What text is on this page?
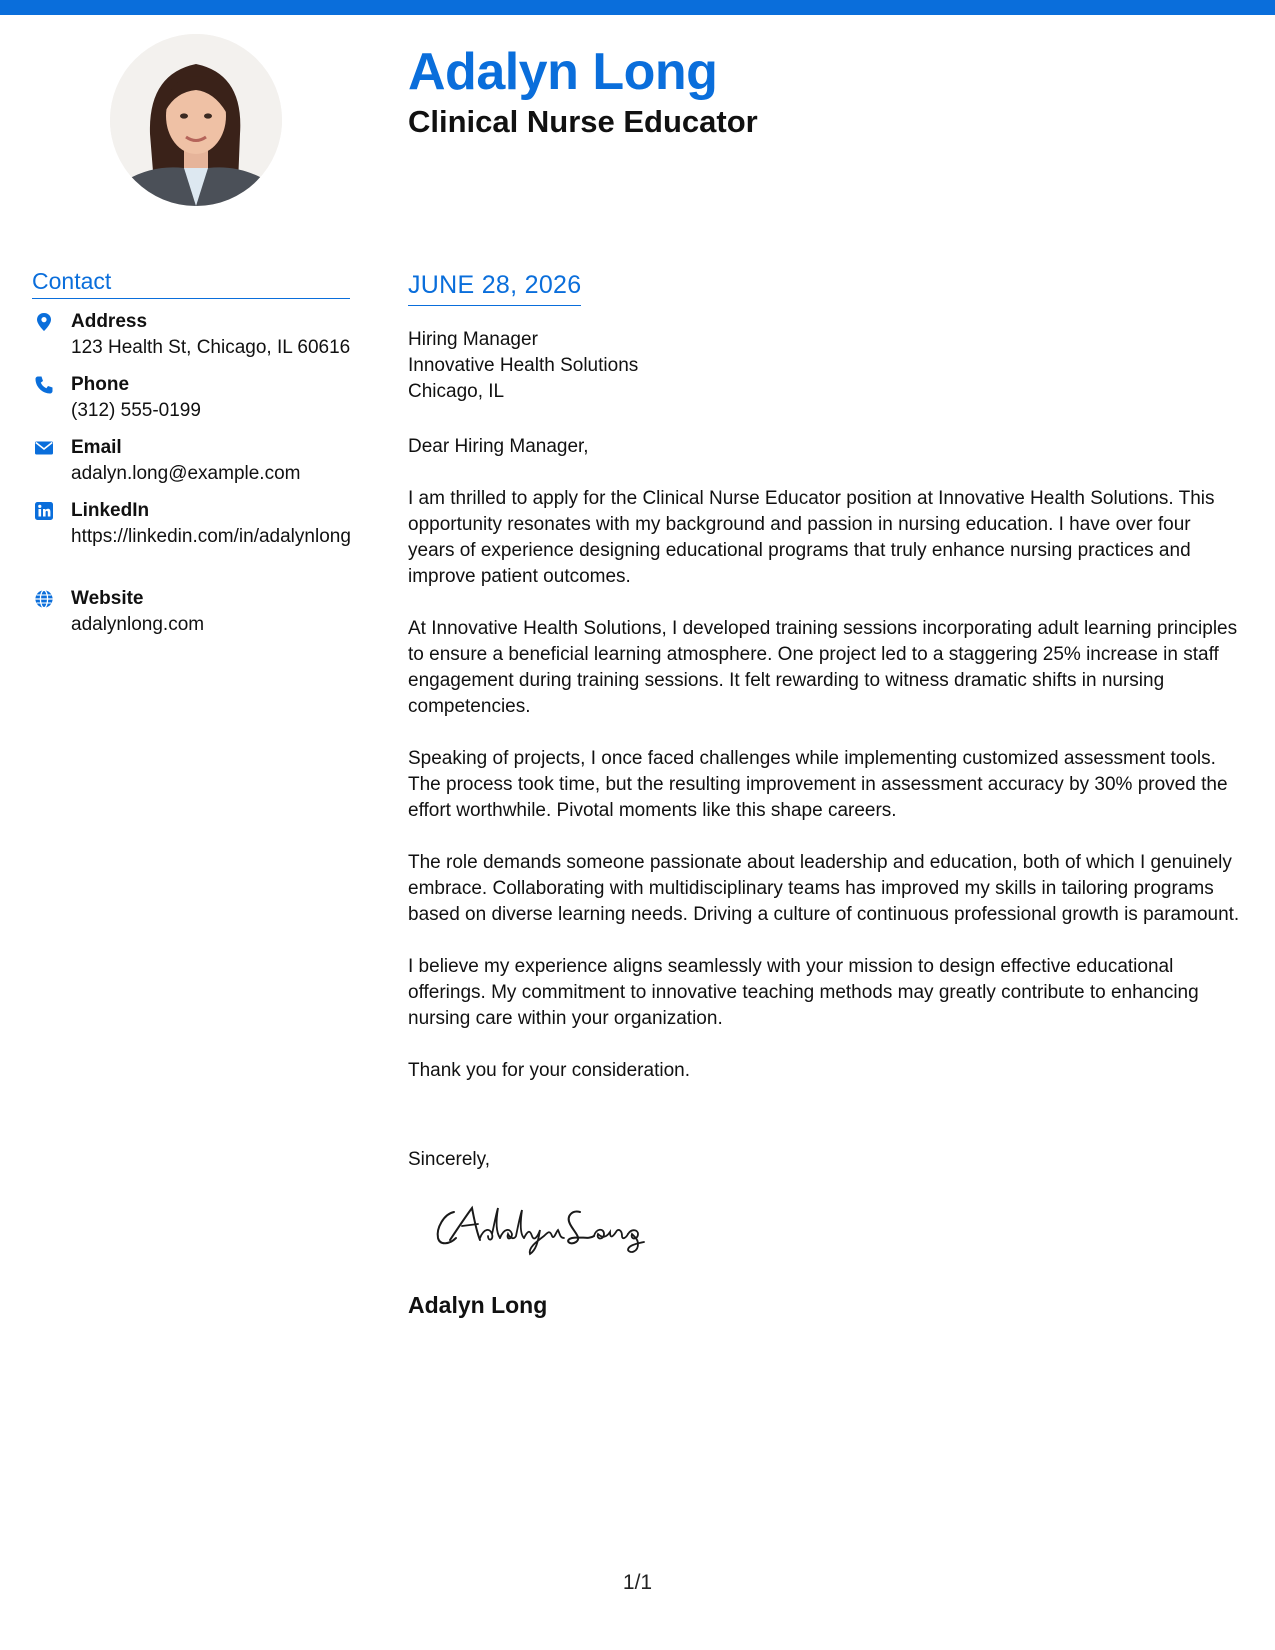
Adalyn Long
Clinical Nurse Educator
Contact
Address
123 Health St, Chicago, IL 60616
Phone
(312) 555-0199
Email
adalyn.long@example.com
LinkedIn
https://linkedin.com/in/adalynlong
Website
adalynlong.com
JUNE 28, 2026
Hiring Manager
Innovative Health Solutions
Chicago, IL

Dear Hiring Manager,

I am thrilled to apply for the Clinical Nurse Educator position at Innovative Health Solutions. This opportunity resonates with my background and passion in nursing education. I have over four years of experience designing educational programs that truly enhance nursing practices and improve patient outcomes.

At Innovative Health Solutions, I developed training sessions incorporating adult learning principles to ensure a beneficial learning atmosphere. One project led to a staggering 25% increase in staff engagement during training sessions. It felt rewarding to witness dramatic shifts in nursing competencies.

Speaking of projects, I once faced challenges while implementing customized assessment tools. The process took time, but the resulting improvement in assessment accuracy by 30% proved the effort worthwhile. Pivotal moments like this shape careers.

The role demands someone passionate about leadership and education, both of which I genuinely embrace. Collaborating with multidisciplinary teams has improved my skills in tailoring programs based on diverse learning needs. Driving a culture of continuous professional growth is paramount.

I believe my experience aligns seamlessly with your mission to design effective educational offerings. My commitment to innovative teaching methods may greatly contribute to enhancing nursing care within your organization.

Thank you for your consideration.

Sincerely,
Adalyn Long
1/1
